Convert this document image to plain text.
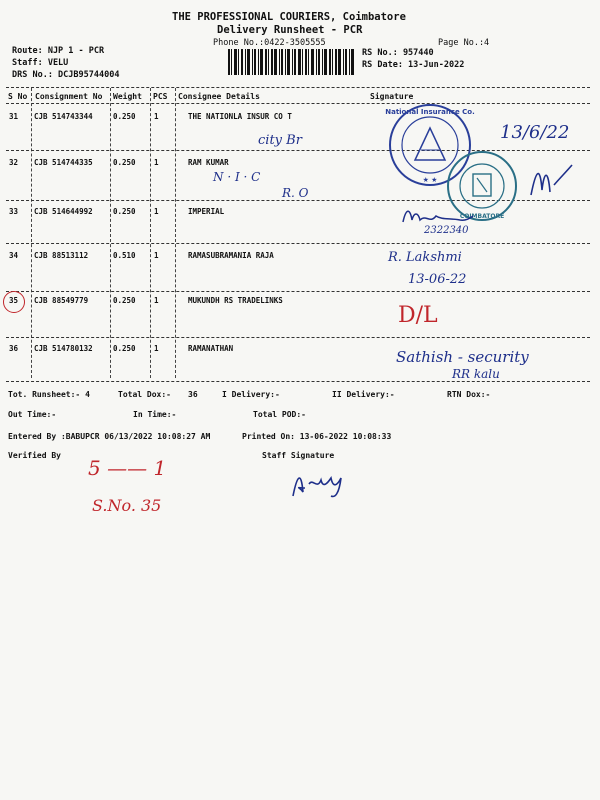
THE PROFESSIONAL COURIERS, Coimbatore
Delivery Runsheet - PCR
Phone No.:0422-3505555	Page No.:4
Route: NJP 1 - PCR
Staff: VELU
DRS No.: DCJB95744004
RS No.: 957440
RS Date: 13-Jun-2022
S No Consignment No Weight PCS Consignee Details	Signature
31 CJB 514743344	0.250 1	THE NATIONLA INSUR CO T
32 CJB 514744335	0.250 1	RAM KUMAR
33 CJB 514644992	0.250 1	IMPERIAL
34 CJB 88513112	0.510 1	RAMASUBRAMANIA RAJA
35 CJB 88549779	0.250 1	MUKUNDH RS TRADELINKS
36 CJB 514780132	0.250 1	RAMANATHAN
Tot. Runsheet:- 4	Total Dox:- 36	I Delivery:-	II Delivery:-	RTN Dox:-
Out Time:-	In Time:-	Total POD:-
Entered By :BABUPCR 06/13/2022 10:08:27 AM	Printed On: 13-06-2022 10:08:33
Verified By	Staff Signature
National Insurance Co.
★ ★
COIMBATORE
city Br	13/6/22
N · I · C
R. O
2322340
R. Lakshmi
13-06-22
D/L
Sathish - security
RR kalu
5 —— 1
S.No. 35
